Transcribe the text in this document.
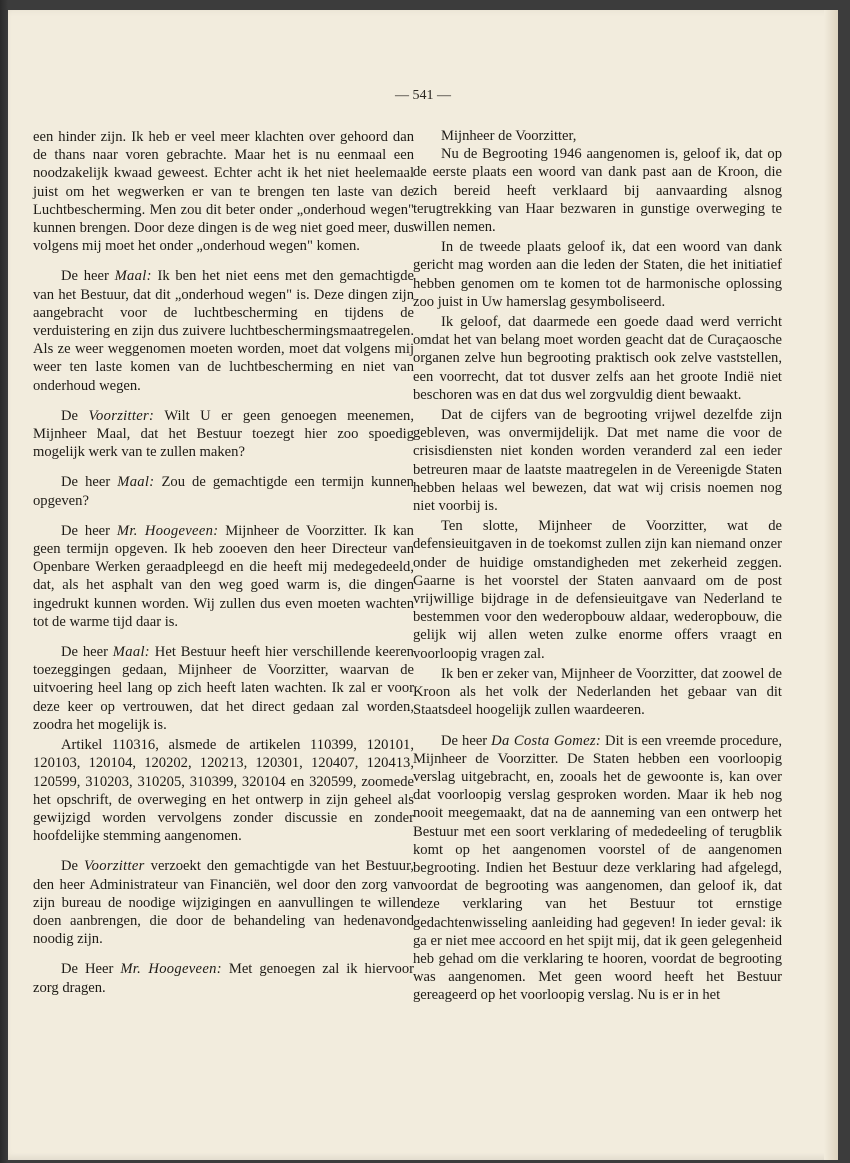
— 541 —

een hinder zijn. Ik heb er veel meer klachten over gehoord dan de thans naar voren gebrachte. Maar het is nu eenmaal een noodzakelijk kwaad geweest. Echter acht ik het niet heelemaal juist om het wegwerken er van te brengen ten laste van de Luchtbescherming. Men zou dit beter onder „onderhoud wegen" kunnen brengen. Door deze dingen is de weg niet goed meer, dus volgens mij moet het onder „onderhoud wegen" komen.

De heer Maal: Ik ben het niet eens met den gemachtigde van het Bestuur, dat dit „onderhoud wegen" is. Deze dingen zijn aangebracht voor de luchtbescherming en tijdens de verduistering en zijn dus zuivere luchtbeschermingsmaatregelen. Als ze weer weggenomen moeten worden, moet dat volgens mij weer ten laste komen van de luchtbescherming en niet van onderhoud wegen.

De Voorzitter: Wilt U er geen genoegen meenemen, Mijnheer Maal, dat het Bestuur toezegt hier zoo spoedig mogelijk werk van te zullen maken?

De heer Maal: Zou de gemachtigde een termijn kunnen opgeven?

De heer Mr. Hoogeveen: Mijnheer de Voorzitter. Ik kan geen termijn opgeven. Ik heb zooeven den heer Directeur van Openbare Werken geraadpleegd en die heeft mij medegedeeld, dat, als het asphalt van den weg goed warm is, die dingen ingedrukt kunnen worden. Wij zullen dus even moeten wachten tot de warme tijd daar is.

De heer Maal: Het Bestuur heeft hier verschillende keeren toezeggingen gedaan, Mijnheer de Voorzitter, waarvan de uitvoering heel lang op zich heeft laten wachten. Ik zal er voor deze keer op vertrouwen, dat het direct gedaan zal worden, zoodra het mogelijk is.

Artikel 110316, alsmede de artikelen 110399, 120101, 120103, 120104, 120202, 120213, 120301, 120407, 120413, 120599, 310203, 310205, 310399, 320104 en 320599, zoomede het opschrift, de overweging en het ontwerp in zijn geheel als gewijzigd worden vervolgens zonder discussie en zonder hoofdelijke stemming aangenomen.

De Voorzitter verzoekt den gemachtigde van het Bestuur, den heer Administrateur van Financiën, wel door den zorg van zijn bureau de noodige wijzigingen en aanvullingen te willen doen aanbrengen, die door de behandeling van hedenavond noodig zijn.

De Heer Mr. Hoogeveen: Met genoegen zal ik hiervoor zorg dragen.

Mijnheer de Voorzitter,

Nu de Begrooting 1946 aangenomen is, geloof ik, dat op de eerste plaats een woord van dank past aan de Kroon, die zich bereid heeft verklaard bij aanvaarding alsnog terugtrekking van Haar bezwaren in gunstige overweging te willen nemen.

In de tweede plaats geloof ik, dat een woord van dank gericht mag worden aan die leden der Staten, die het initiatief hebben genomen om te komen tot de harmonische oplossing zoo juist in Uw hamerslag gesymboliseerd.

Ik geloof, dat daarmede een goede daad werd verricht omdat het van belang moet worden geacht dat de Curaçaosche organen zelve hun begrooting praktisch ook zelve vaststellen, een voorrecht, dat tot dusver zelfs aan het groote Indië niet beschoren was en dat dus wel zorgvuldig dient bewaakt.

Dat de cijfers van de begrooting vrijwel dezelfde zijn gebleven, was onvermijdelijk. Dat met name die voor de crisisdiensten niet konden worden veranderd zal een ieder betreuren maar de laatste maatregelen in de Vereenigde Staten hebben helaas wel bewezen, dat wat wij crisis noemen nog niet voorbij is.

Ten slotte, Mijnheer de Voorzitter, wat de defensieuitgaven in de toekomst zullen zijn kan niemand onzer onder de huidige omstandigheden met zekerheid zeggen. Gaarne is het voorstel der Staten aanvaard om de post vrijwillige bijdrage in de defensieuitgave van Nederland te bestemmen voor den wederopbouw aldaar, wederopbouw, die gelijk wij allen weten zulke enorme offers vraagt en voorloopig vragen zal.

Ik ben er zeker van, Mijnheer de Voorzitter, dat zoowel de Kroon als het volk der Nederlanden het gebaar van dit Staatsdeel hoogelijk zullen waardeeren.

De heer Da Costa Gomez: Dit is een vreemde procedure, Mijnheer de Voorzitter. De Staten hebben een voorloopig verslag uitgebracht, en, zooals het de gewoonte is, kan over dat voorloopig verslag gesproken worden. Maar ik heb nog nooit meegemaakt, dat na de aanneming van een ontwerp het Bestuur met een soort verklaring of mededeeling of terugblik komt op het aangenomen voorstel of de aangenomen begrooting. Indien het Bestuur deze verklaring had afgelegd, voordat de begrooting was aangenomen, dan geloof ik, dat deze verklaring van het Bestuur tot ernstige gedachtenwisseling aanleiding had gegeven! In ieder geval: ik ga er niet mee accoord en het spijt mij, dat ik geen gelegenheid heb gehad om die verklaring te hooren, voordat de begrooting was aangenomen. Met geen woord heeft het Bestuur gereageerd op het voorloopig verslag. Nu is er in het
